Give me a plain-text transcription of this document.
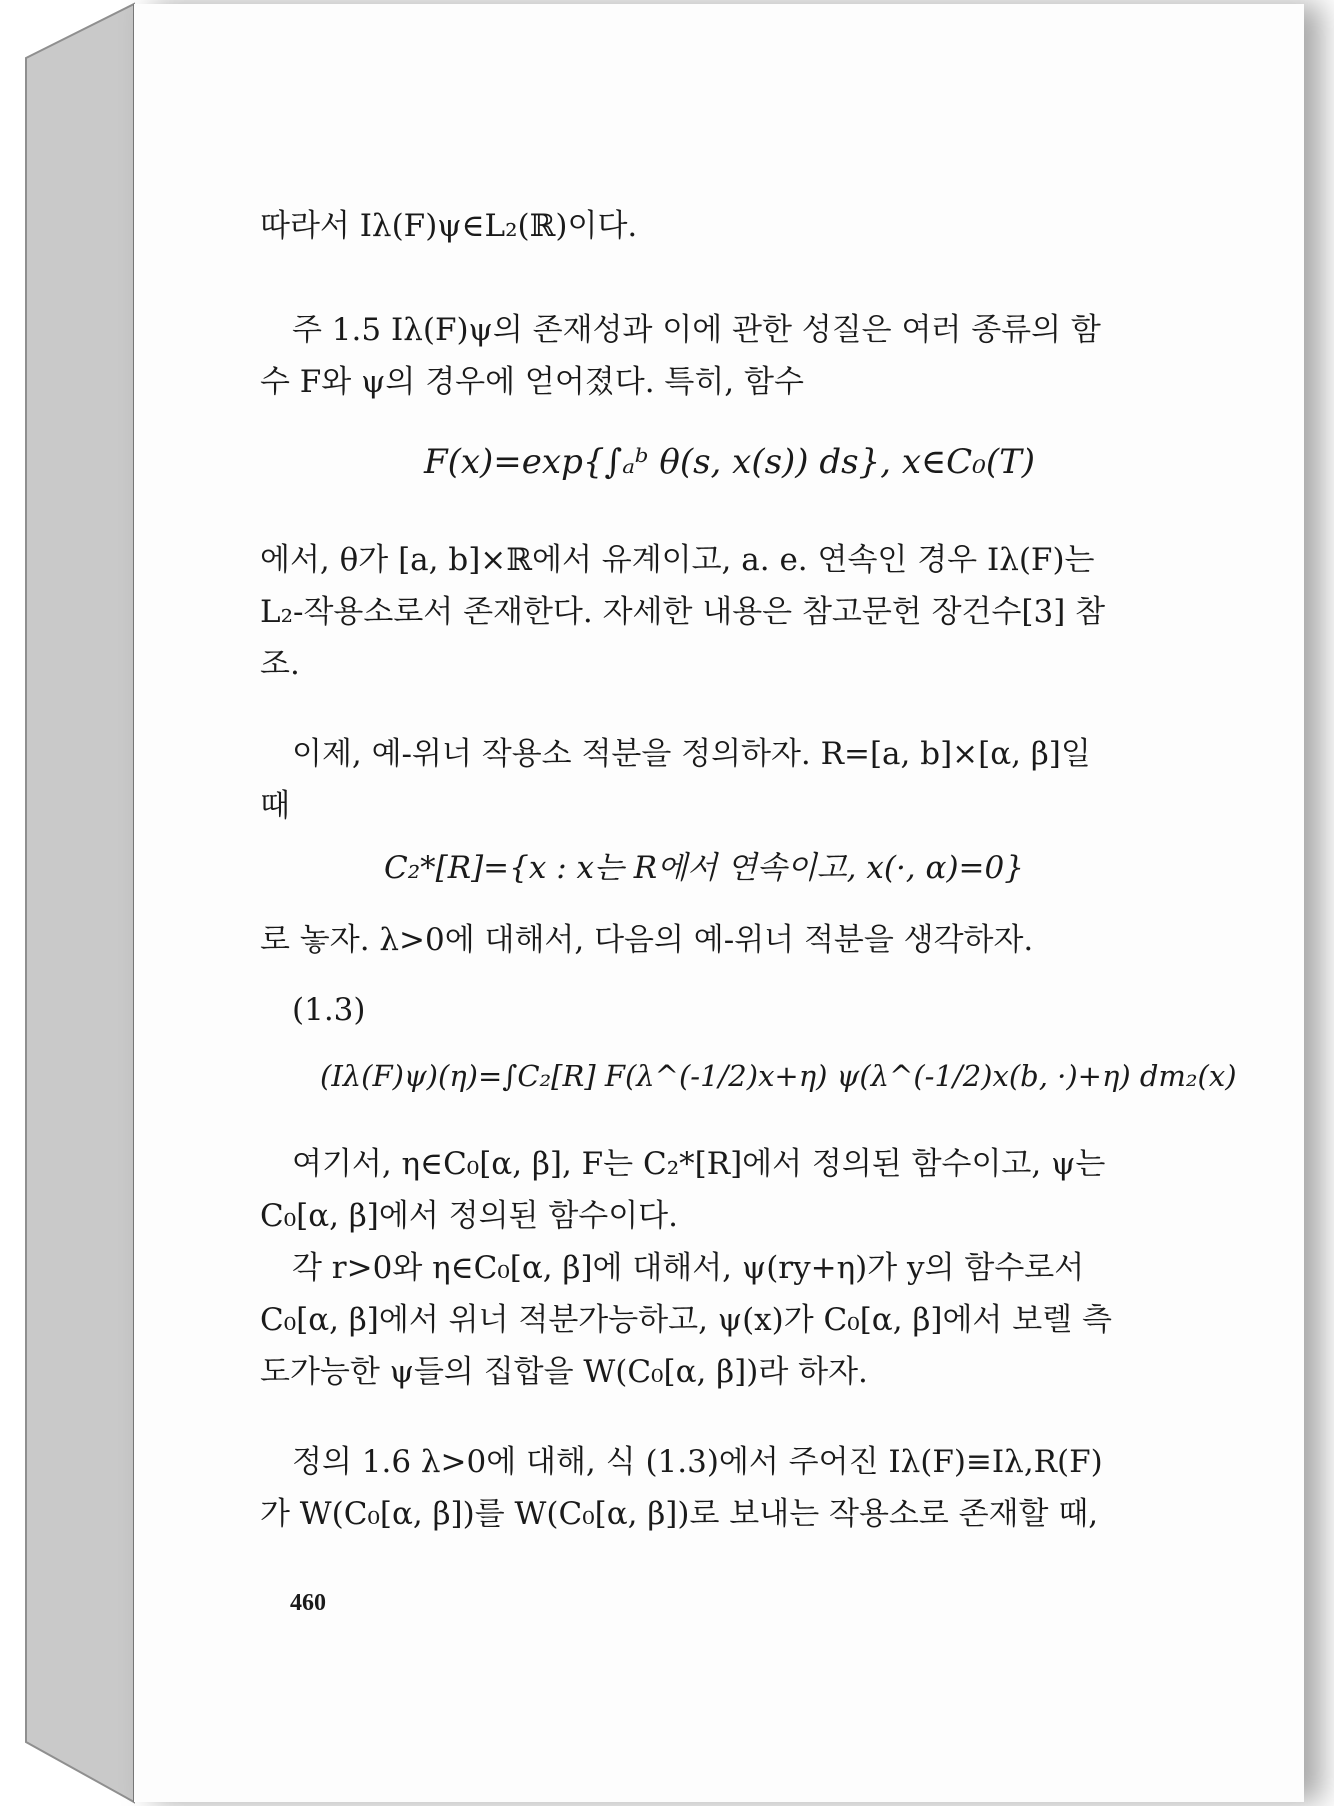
따라서 Iλ(F)ψ∈L₂(ℝ)이다.
주 1.5 Iλ(F)ψ의 존재성과 이에 관한 성질은 여러 종류의 함
수 F와 ψ의 경우에 얻어졌다. 특히, 함수
F(x)=exp{∫ₐᵇ θ(s, x(s)) ds}, x∈C₀(T)
에서, θ가 [a, b]×ℝ에서 유계이고, a. e. 연속인 경우 Iλ(F)는
L₂-작용소로서 존재한다. 자세한 내용은 참고문헌 장건수[3] 참
조.
이제, 예-위너 작용소 적분을 정의하자. R=[a, b]×[α, β]일
때
C₂*[R]={x : x는 R에서 연속이고, x(·, α)=0}
로 놓자. λ>0에 대해서, 다음의 예-위너 적분을 생각하자.
(1.3)
(Iλ(F)ψ)(η)=∫C₂[R] F(λ^(-1/2)x+η) ψ(λ^(-1/2)x(b, ·)+η) dm₂(x)
여기서, η∈C₀[α, β], F는 C₂*[R]에서 정의된 함수이고, ψ는
C₀[α, β]에서 정의된 함수이다.
각 r>0와 η∈C₀[α, β]에 대해서, ψ(ry+η)가 y의 함수로서
C₀[α, β]에서 위너 적분가능하고, ψ(x)가 C₀[α, β]에서 보렐 측
도가능한 ψ들의 집합을 W(C₀[α, β])라 하자.
정의 1.6 λ>0에 대해, 식 (1.3)에서 주어진 Iλ(F)≡Iλ,R(F)
가 W(C₀[α, β])를 W(C₀[α, β])로 보내는 작용소로 존재할 때,
460
